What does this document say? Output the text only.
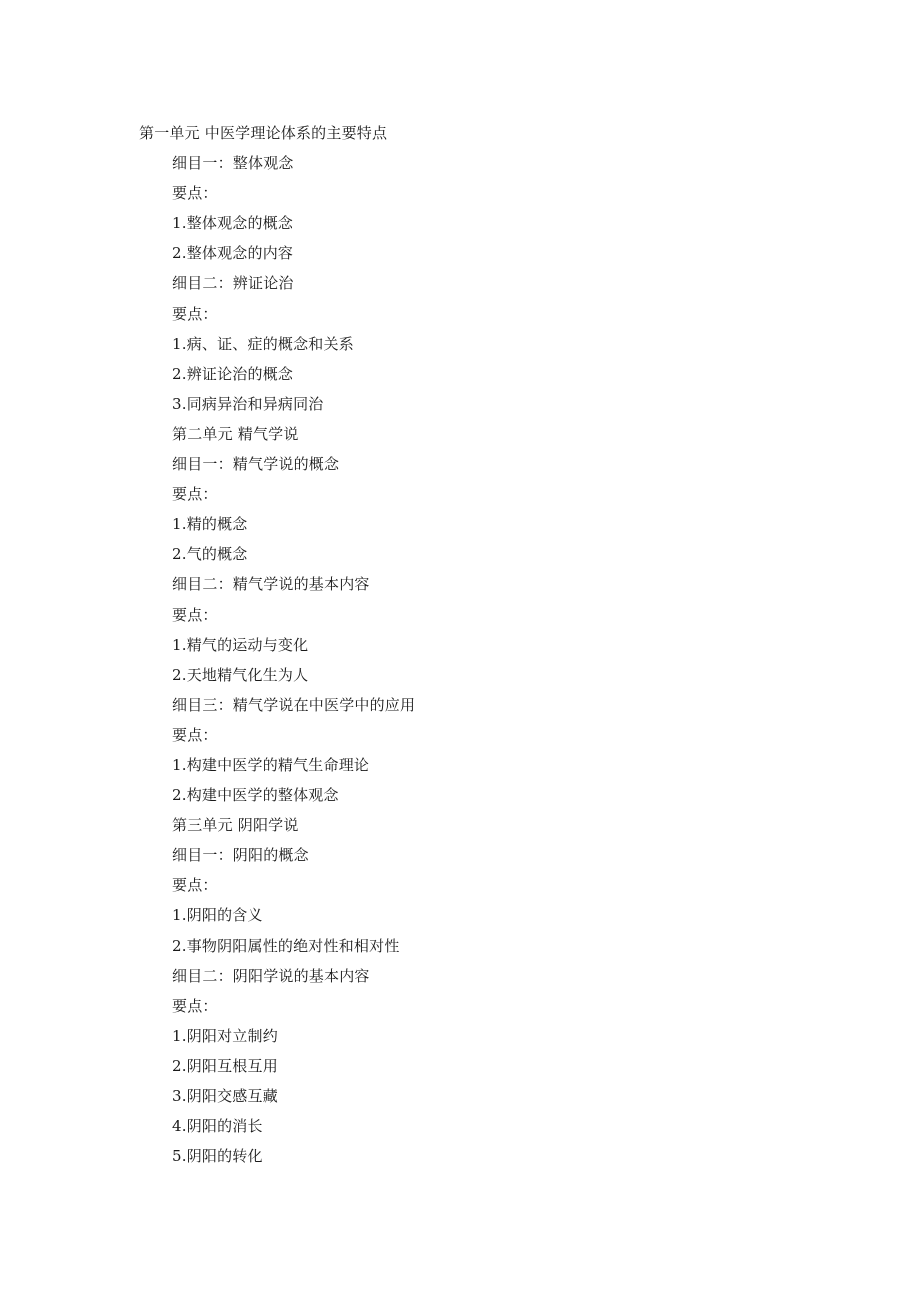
第一单元 中医学理论体系的主要特点
细目一：整体观念
要点：
1.整体观念的概念
2.整体观念的内容
细目二：辨证论治
要点：
1.病、证、症的概念和关系
2.辨证论治的概念
3.同病异治和异病同治
第二单元 精气学说
细目一：精气学说的概念
要点：
1.精的概念
2.气的概念
细目二：精气学说的基本内容
要点：
1.精气的运动与变化
2.天地精气化生为人
细目三：精气学说在中医学中的应用
要点：
1.构建中医学的精气生命理论
2.构建中医学的整体观念
第三单元 阴阳学说
细目一：阴阳的概念
要点：
1.阴阳的含义
2.事物阴阳属性的绝对性和相对性
细目二：阴阳学说的基本内容
要点：
1.阴阳对立制约
2.阴阳互根互用
3.阴阳交感互藏
4.阴阳的消长
5.阴阳的转化
